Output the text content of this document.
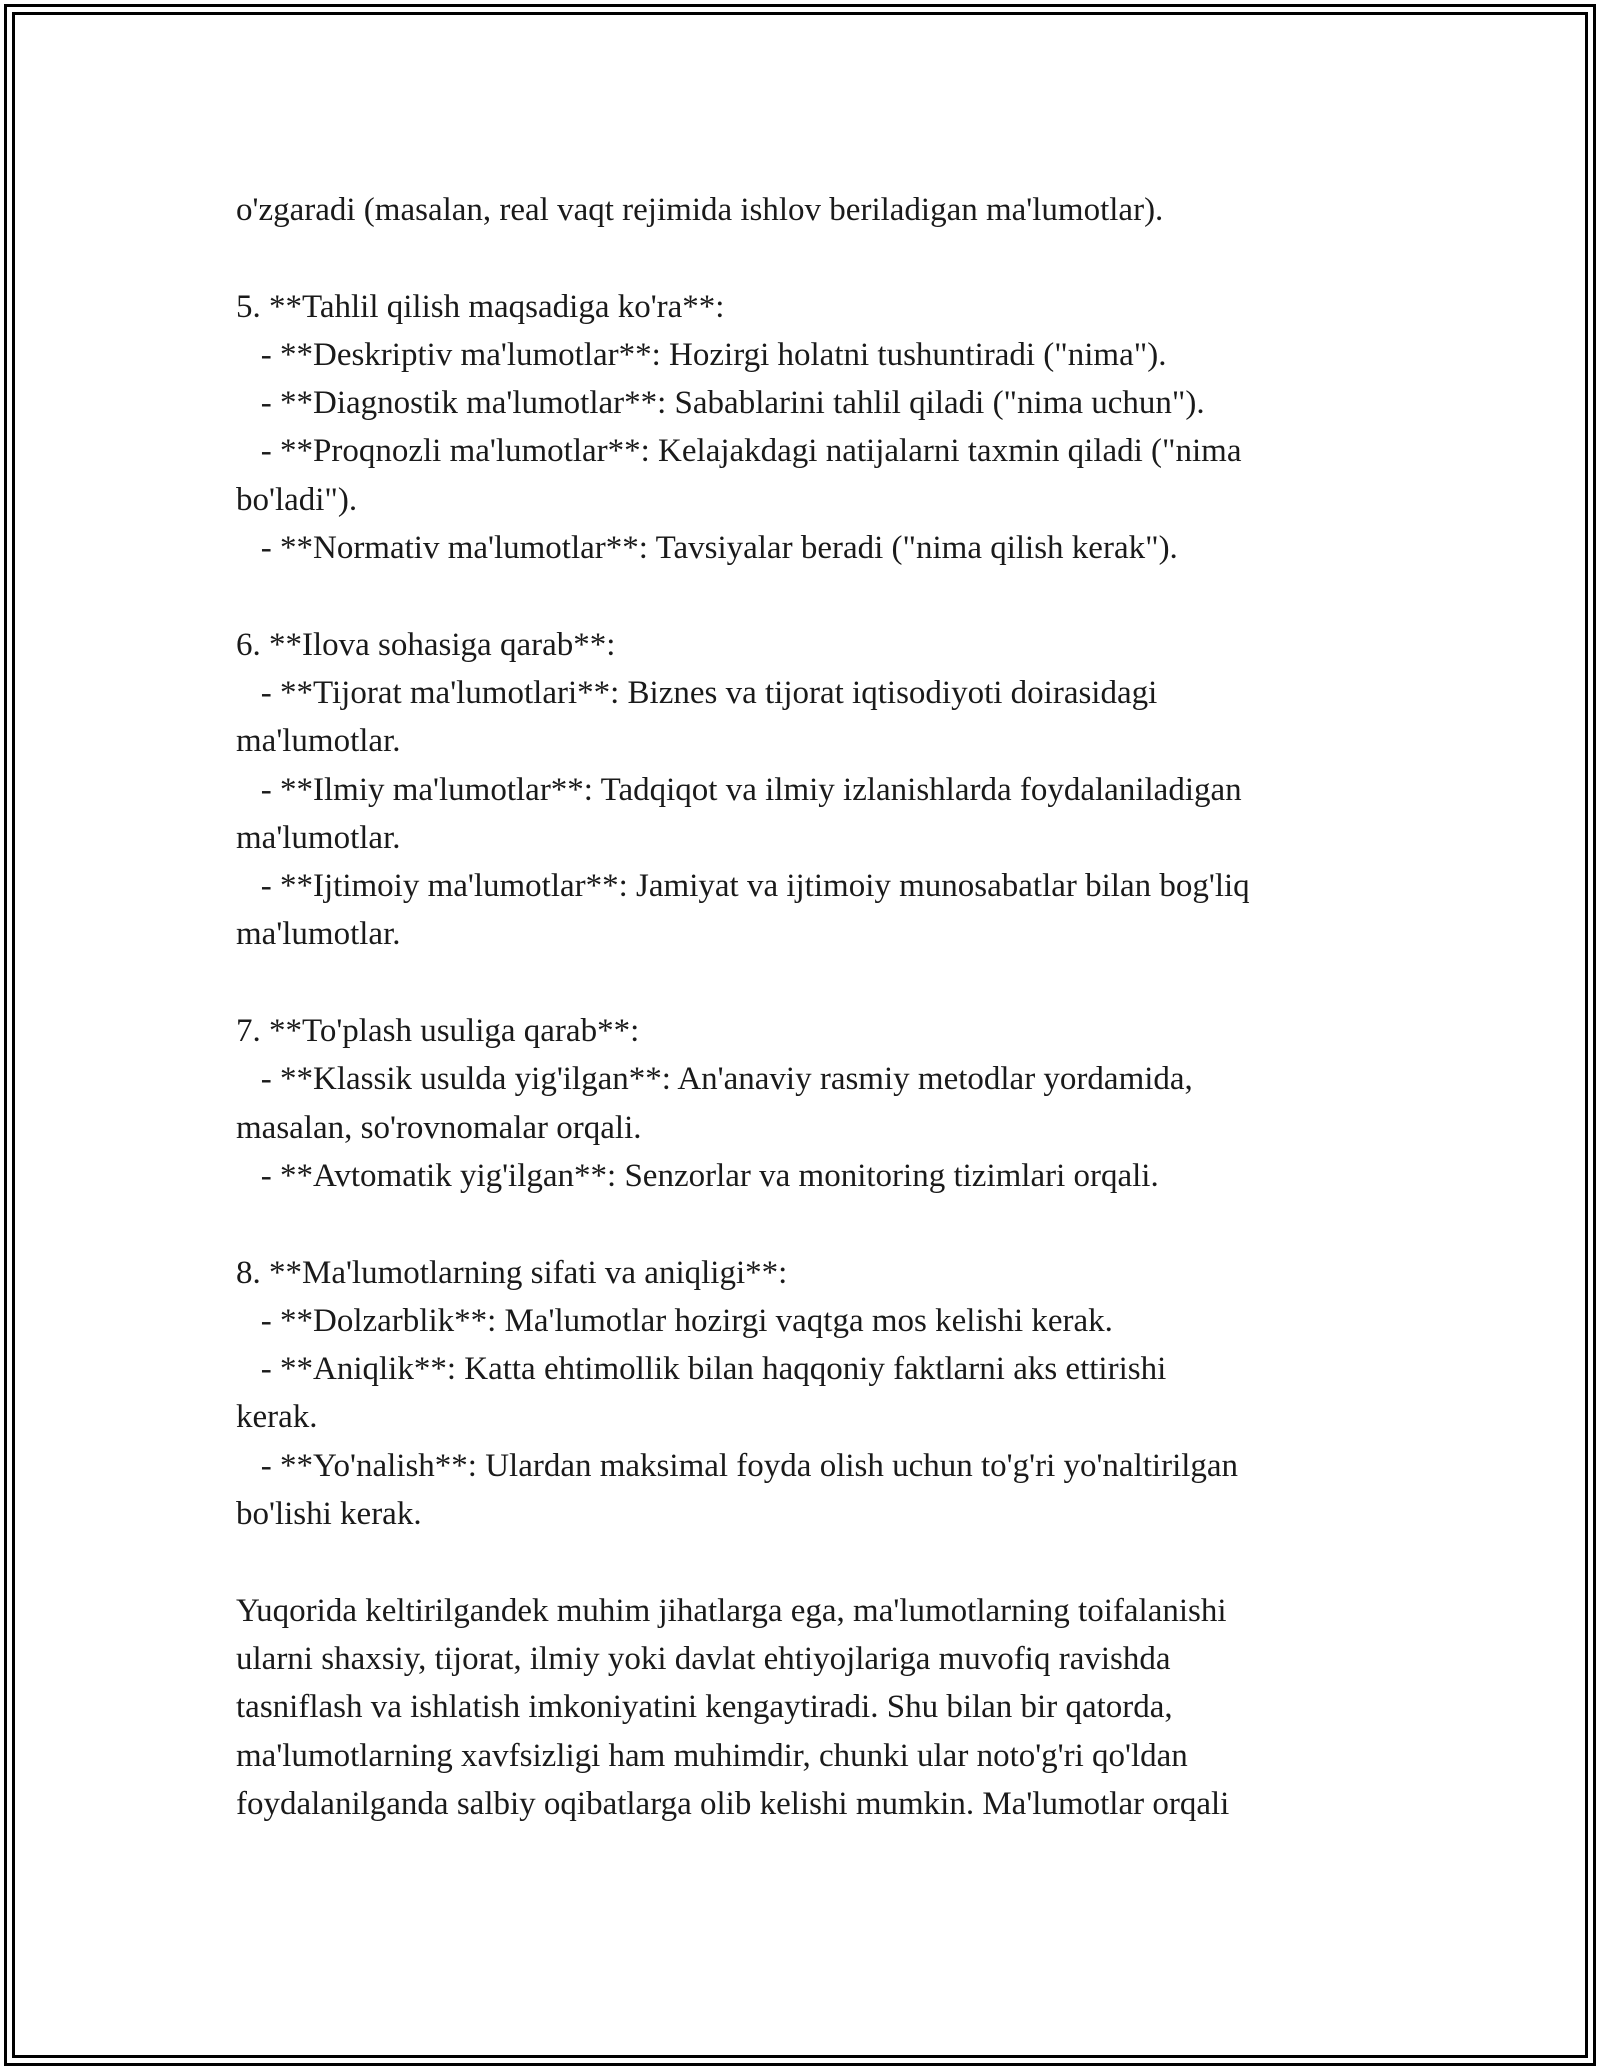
o'zgaradi (masalan, real vaqt rejimida ishlov beriladigan ma'lumotlar).

5. **Tahlil qilish maqsadiga ko'ra**:

- **Deskriptiv ma'lumotlar**: Hozirgi holatni tushuntiradi ("nima").

- **Diagnostik ma'lumotlar**: Sabablarini tahlil qiladi ("nima uchun").

- **Proqnozli ma'lumotlar**: Kelajakdagi natijalarni taxmin qiladi ("nima

bo'ladi").

- **Normativ ma'lumotlar**: Tavsiyalar beradi ("nima qilish kerak").

6. **Ilova sohasiga qarab**:

- **Tijorat ma'lumotlari**: Biznes va tijorat iqtisodiyoti doirasidagi

ma'lumotlar.

- **Ilmiy ma'lumotlar**: Tadqiqot va ilmiy izlanishlarda foydalaniladigan

ma'lumotlar.

- **Ijtimoiy ma'lumotlar**: Jamiyat va ijtimoiy munosabatlar bilan bog'liq

ma'lumotlar.

7. **To'plash usuliga qarab**:

- **Klassik usulda yig'ilgan**: An'anaviy rasmiy metodlar yordamida,

masalan, so'rovnomalar orqali.

- **Avtomatik yig'ilgan**: Senzorlar va monitoring tizimlari orqali.

8. **Ma'lumotlarning sifati va aniqligi**:

- **Dolzarblik**: Ma'lumotlar hozirgi vaqtga mos kelishi kerak.

- **Aniqlik**: Katta ehtimollik bilan haqqoniy faktlarni aks ettirishi

kerak.

- **Yo'nalish**: Ulardan maksimal foyda olish uchun to'g'ri yo'naltirilgan

bo'lishi kerak.

Yuqorida keltirilgandek muhim jihatlarga ega, ma'lumotlarning toifalanishi

ularni shaxsiy, tijorat, ilmiy yoki davlat ehtiyojlariga muvofiq ravishda

tasniflash va ishlatish imkoniyatini kengaytiradi. Shu bilan bir qatorda,

ma'lumotlarning xavfsizligi ham muhimdir, chunki ular noto'g'ri qo'ldan

foydalanilganda salbiy oqibatlarga olib kelishi mumkin. Ma'lumotlar orqali
